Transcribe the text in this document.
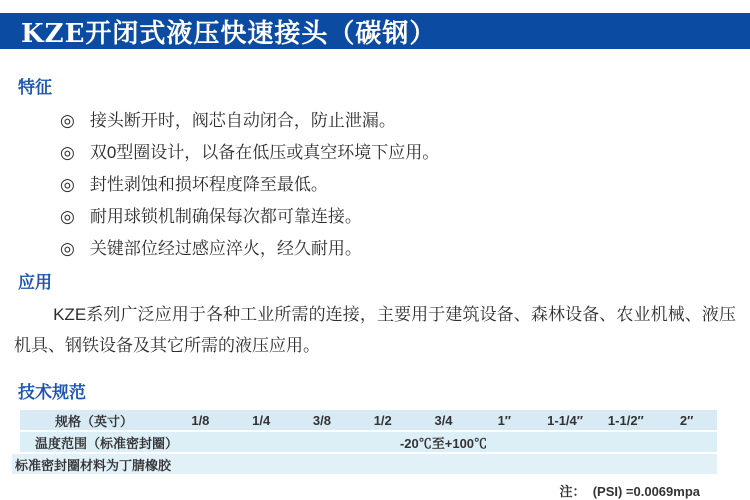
KZE开闭式液压快速接头（碳钢）
特征
◎ 接头断开时，阀芯自动闭合，防止泄漏。
◎ 双0型圈设计，以备在低压或真空环境下应用。
◎ 封性剥蚀和损坏程度降至最低。
◎ 耐用球锁机制确保每次都可靠连接。
◎ 关键部位经过感应淬火，经久耐用。
应用

KZE系列广泛应用于各种工业所需的连接，主要用于建筑设备、森林设备、农业机械、液压机具、钢铁设备及其它所需的液压应用。

技术规范
规格（英寸）	1/8	1/4	3/8	1/2	3/4	1″	1-1/4″	1-1/2″	2″
温度范围（标准密封圈）	-20℃至+100℃
标准密封圈材料为丁腈橡胶
注：  (PSI) =0.0069mpa
